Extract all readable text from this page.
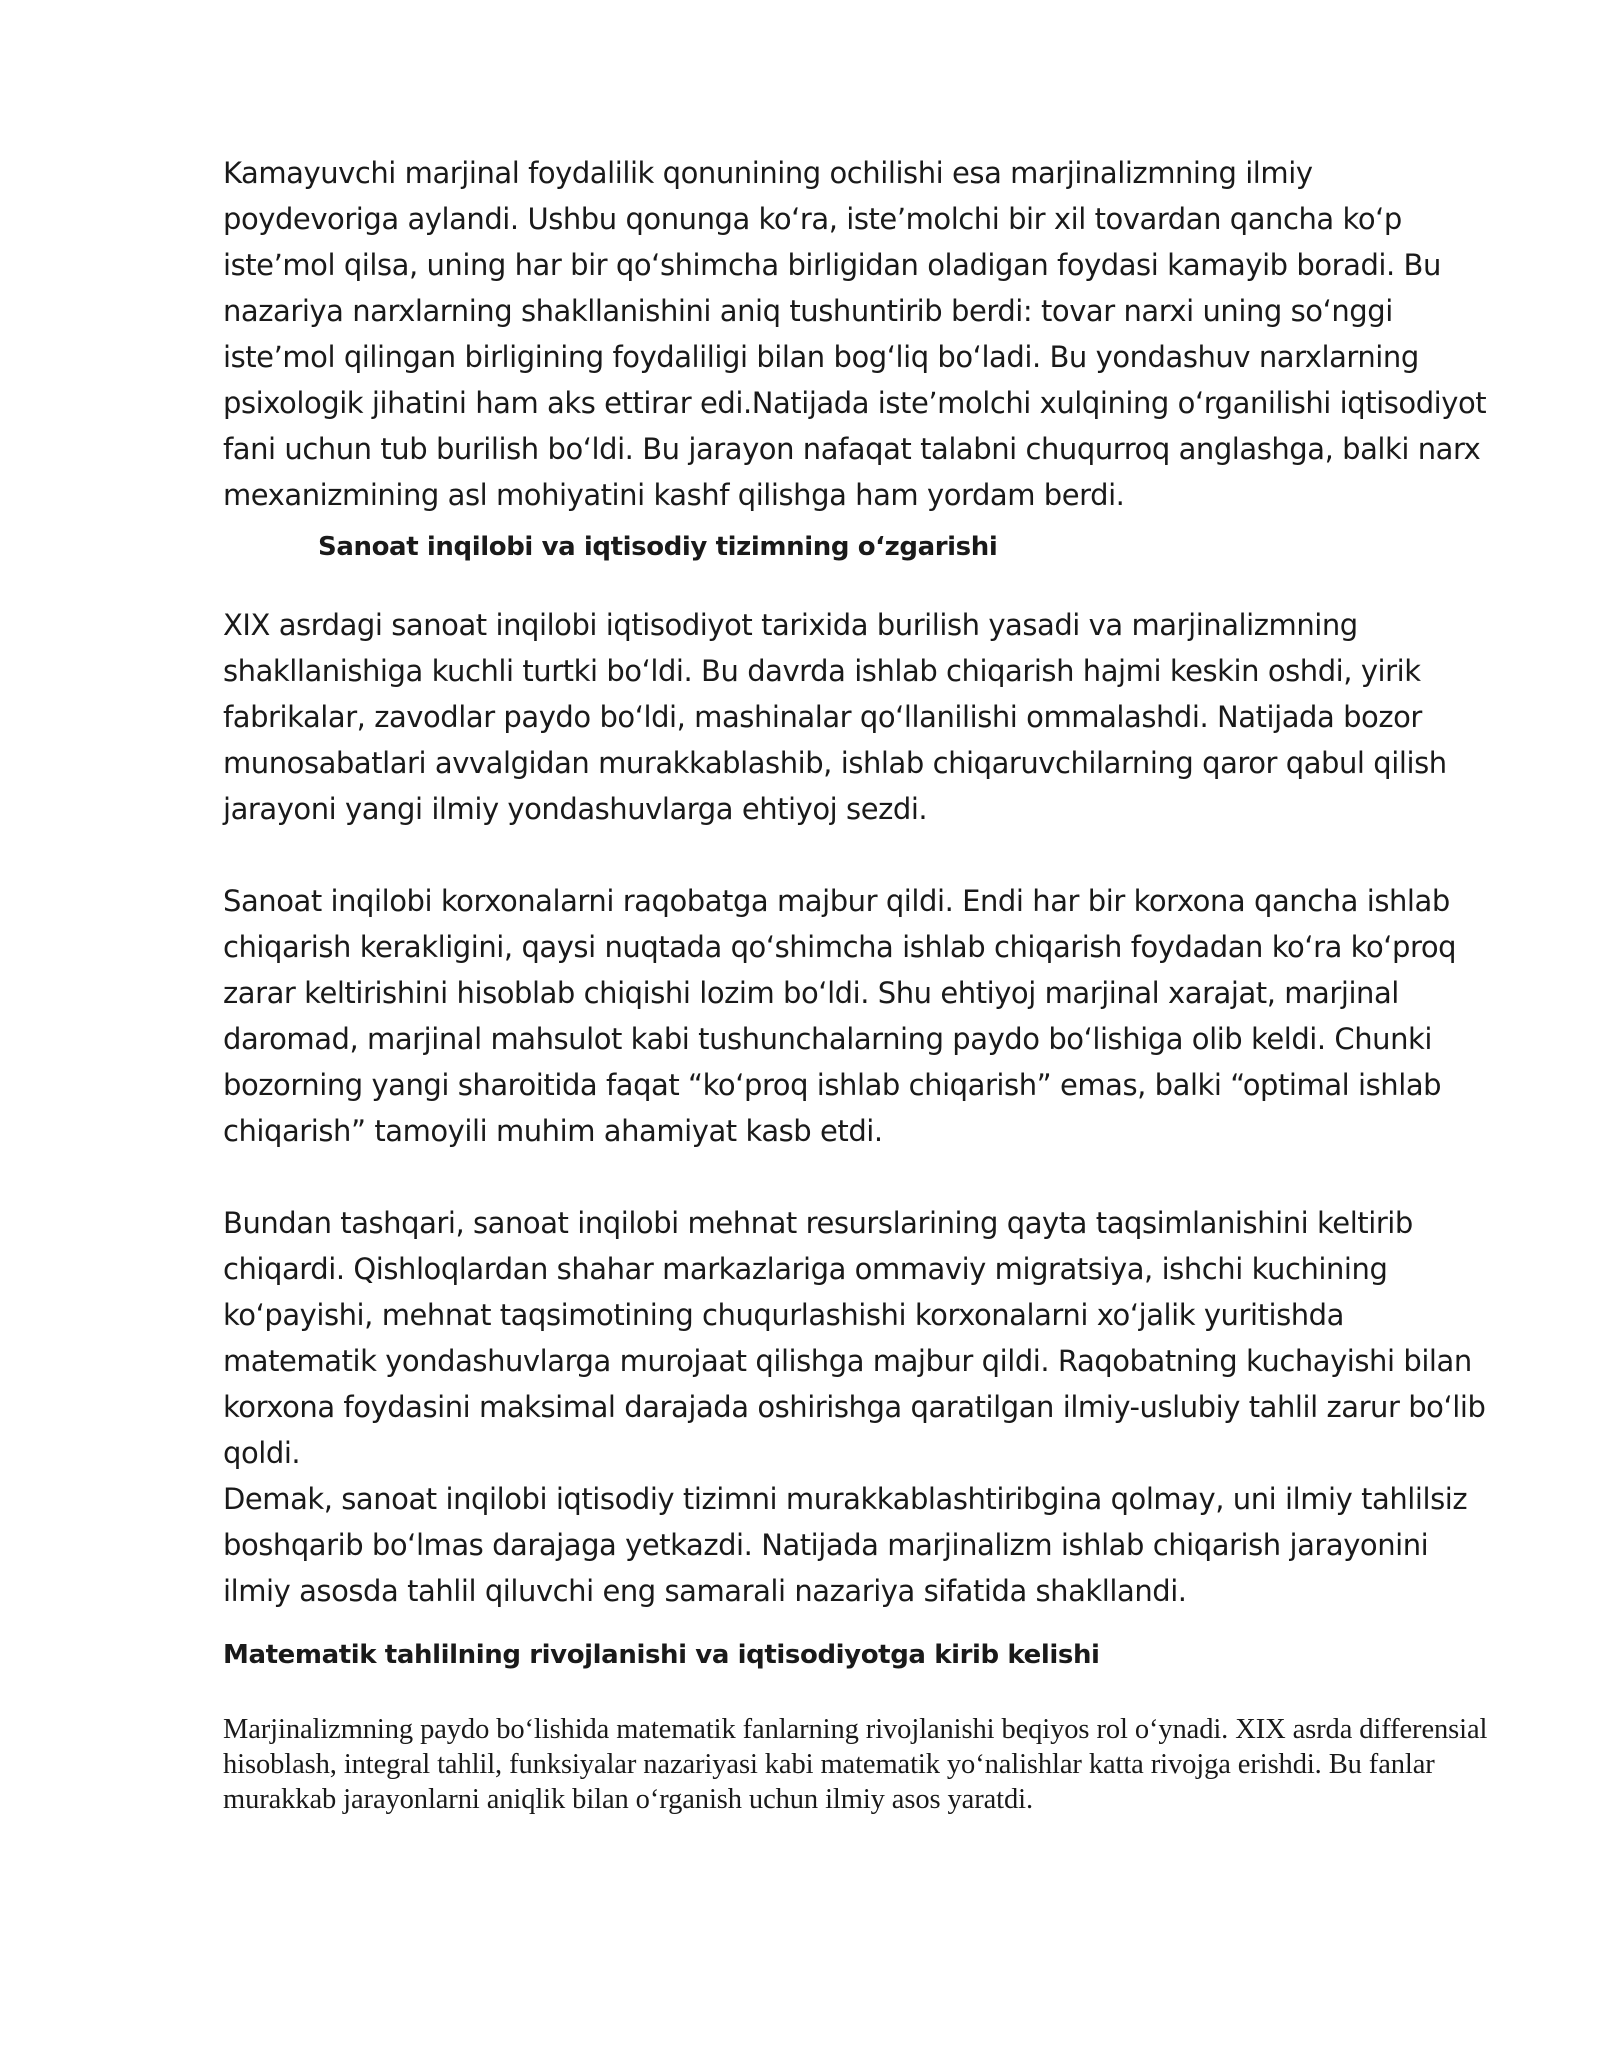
Kamayuvchi marjinal foydalilik qonunining ochilishi esa marjinalizmning ilmiy poydevoriga aylandi. Ushbu qonunga ko‘ra, iste’molchi bir xil tovardan qancha ko‘p iste’mol qilsa, uning har bir qo‘shimcha birligidan oladigan foydasi kamayib boradi. Bu nazariya narxlarning shakllanishini aniq tushuntirib berdi: tovar narxi uning so‘nggi iste’mol qilingan birligining foydaliligi bilan bog‘liq bo‘ladi. Bu yondashuv narxlarning psixologik jihatini ham aks ettirar edi.Natijada iste’molchi xulqining o‘rganilishi iqtisodiyot fani uchun tub burilish bo‘ldi. Bu jarayon nafaqat talabni chuqurroq anglashga, balki narx mexanizmining asl mohiyatini kashf qilishga ham yordam berdi.

Sanoat inqilobi va iqtisodiy tizimning o‘zgarishi

XIX asrdagi sanoat inqilobi iqtisodiyot tarixida burilish yasadi va marjinalizmning shakllanishiga kuchli turtki bo‘ldi. Bu davrda ishlab chiqarish hajmi keskin oshdi, yirik fabrikalar, zavodlar paydo bo‘ldi, mashinalar qo‘llanilishi ommalashdi. Natijada bozor munosabatlari avvalgidan murakkablashib, ishlab chiqaruvchilarning qaror qabul qilish jarayoni yangi ilmiy yondashuvlarga ehtiyoj sezdi.

Sanoat inqilobi korxonalarni raqobatga majbur qildi. Endi har bir korxona qancha ishlab chiqarish kerakligini, qaysi nuqtada qo‘shimcha ishlab chiqarish foydadan ko‘ra ko‘proq zarar keltirishini hisoblab chiqishi lozim bo‘ldi. Shu ehtiyoj marjinal xarajat, marjinal daromad, marjinal mahsulot kabi tushunchalarning paydo bo‘lishiga olib keldi. Chunki bozorning yangi sharoitida faqat “ko‘proq ishlab chiqarish” emas, balki “optimal ishlab chiqarish” tamoyili muhim ahamiyat kasb etdi.

Bundan tashqari, sanoat inqilobi mehnat resurslarining qayta taqsimlanishini keltirib chiqardi. Qishloqlardan shahar markazlariga ommaviy migratsiya, ishchi kuchining ko‘payishi, mehnat taqsimotining chuqurlashishi korxonalarni xo‘jalik yuritishda matematik yondashuvlarga murojaat qilishga majbur qildi. Raqobatning kuchayishi bilan korxona foydasini maksimal darajada oshirishga qaratilgan ilmiy-uslubiy tahlil zarur bo‘lib qoldi.

Demak, sanoat inqilobi iqtisodiy tizimni murakkablashtiribgina qolmay, uni ilmiy tahlilsiz boshqarib bo‘lmas darajaga yetkazdi. Natijada marjinalizm ishlab chiqarish jarayonini ilmiy asosda tahlil qiluvchi eng samarali nazariya sifatida shakllandi.

Matematik tahlilning rivojlanishi va iqtisodiyotga kirib kelishi

Marjinalizmning paydo bo‘lishida matematik fanlarning rivojlanishi beqiyos rol o‘ynadi. XIX asrda differensial hisoblash, integral tahlil, funksiyalar nazariyasi kabi matematik yo‘nalishlar katta rivojga erishdi. Bu fanlar murakkab jarayonlarni aniqlik bilan o‘rganish uchun ilmiy asos yaratdi.
